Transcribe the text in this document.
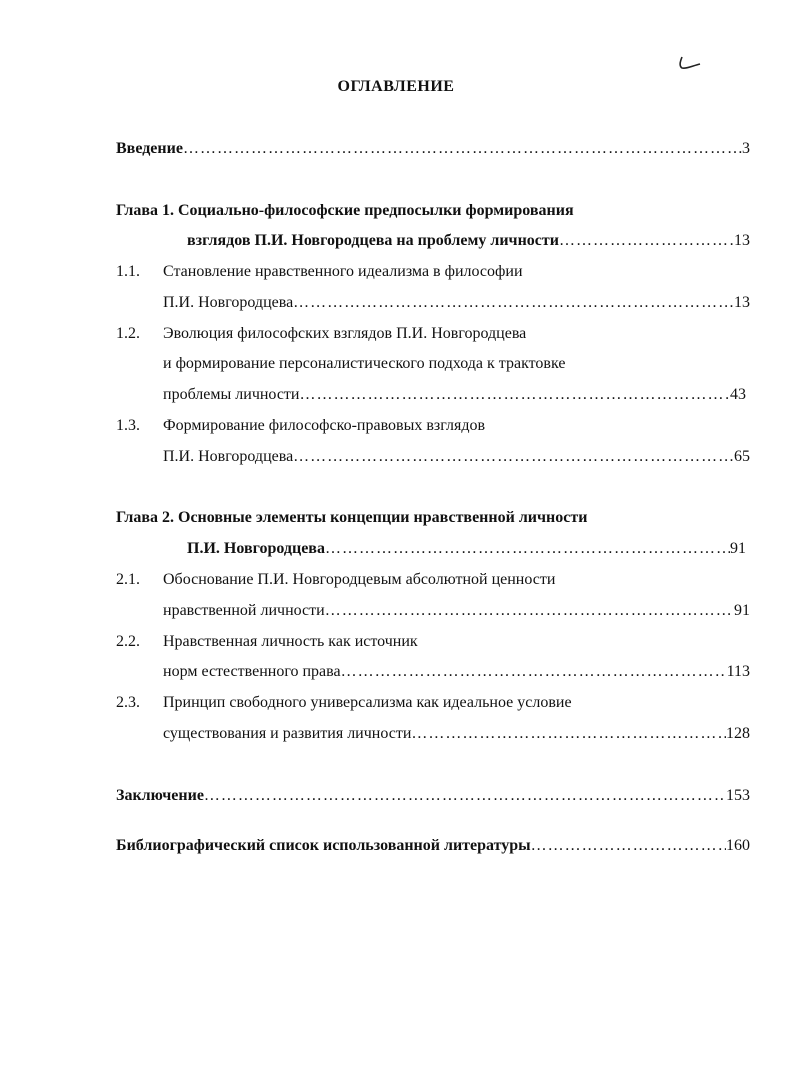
ОГЛАВЛЕНИЕ
Введение …………………………………………………………………………………………………………………………………………………………………………………………………………	3
Глава 1. Социально-философские предпосылки формирования
взглядов П.И. Новгородцева на проблему личности …………………………………………………………………………………………………………………………………………………………………………………………………………	13
1.1. Становление нравственного идеализма в философии
П.И. Новгородцева …………………………………………………………………………………………………………………………………………………………………………………………………………	13
1.2. Эволюция философских взглядов П.И. Новгородцева
и формирование персоналистического подхода к трактовке
проблемы личности …………………………………………………………………………………………………………………………………………………………………………………………………………	43
1.3. Формирование философско-правовых взглядов
П.И. Новгородцева …………………………………………………………………………………………………………………………………………………………………………………………………………	65
Глава 2. Основные элементы концепции нравственной личности
П.И. Новгородцева …………………………………………………………………………………………………………………………………………………………………………………………………………	91
2.1. Обоснование П.И. Новгородцевым абсолютной ценности
нравственной личности …………………………………………………………………………………………………………………………………………………………………………………………………………	91
2.2. Нравственная личность как источник
норм естественного права …………………………………………………………………………………………………………………………………………………………………………………………………………	113
2.3. Принцип свободного универсализма как идеальное условие
существования и развития личности …………………………………………………………………………………………………………………………………………………………………………………………………………	128
Заключение …………………………………………………………………………………………………………………………………………………………………………………………………………	153
Библиографический список использованной литературы …………………………………………………………………………………………………………………………………………………………………………………………………………	160
